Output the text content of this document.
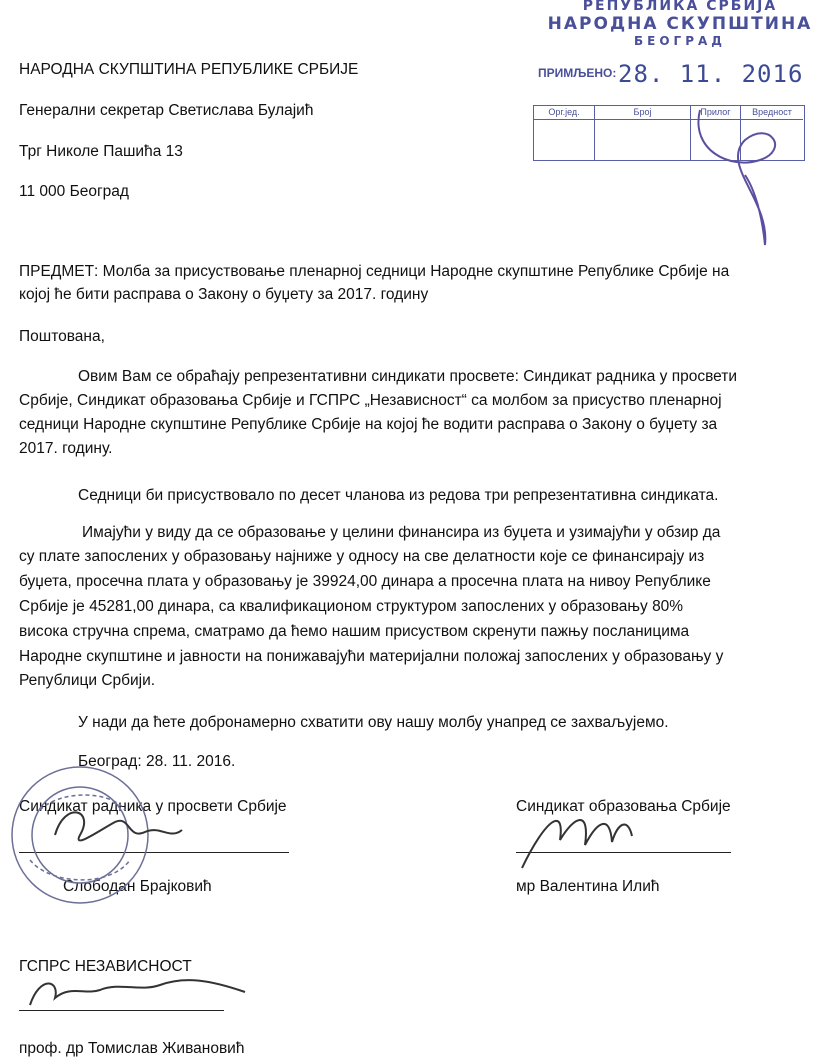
РЕПУБЛИКА СРБИЈА
НАРОДНА СКУПШТИНА
БЕОГРАД
ПРИМЉЕНО: 28. 11. 2016
Орг.јед.	Број	Прилог	Вредност
НАРОДНА СКУПШТИНА РЕПУБЛИКЕ СРБИЈЕ
Генерални секретар Светислава Булајић
Трг Николе Пашића 13
11 000 Београд
ПРЕДМЕТ: Молба за присуствовање пленарној седници Народне скупштине Републике Србије на
којој ће бити расправа о Закону о буџету за 2017. годину
Поштована,
Овим Вам се обраћају репрезентативни синдикати просвете: Синдикат радника у просвети
Србије, Синдикат образовања Србије и ГСПРС „Независност“ са молбом за присуство пленарној
седници Народне скупштине Републике Србије на којој ће водити расправа о Закону о буџету за
2017. годину.
Седници би присуствовало по десет чланова из редова три репрезентативна синдиката.
Имајући у виду да се образовање у целини финансира из буџета и узимајући у обзир да
су плате запослених у образовању најниже у односу на све делатности које се финансирају из
буџета, просечна плата у образовању је 39924,00 динара а просечна плата на нивоу Републике
Србије је 45281,00 динара, са квалификационом структуром запослених у образовању 80%
висока стручна спрема, сматрамо да ћемо нашим присуством скренути пажњу посланицима
Народне скупштине и јавности на понижавајући материјални положај запослених у образовању у
Републици Србији.
У нади да ћете добронамерно схватити ову нашу молбу унапред се захваљујемо.
Београд: 28. 11. 2016.
Синдикат радника у просвети Србије
Слободан Брајковић
Синдикат образовања Србије
мр Валентина Илић
ГСПРС НЕЗАВИСНОСТ
проф. др Томислав Живановић
